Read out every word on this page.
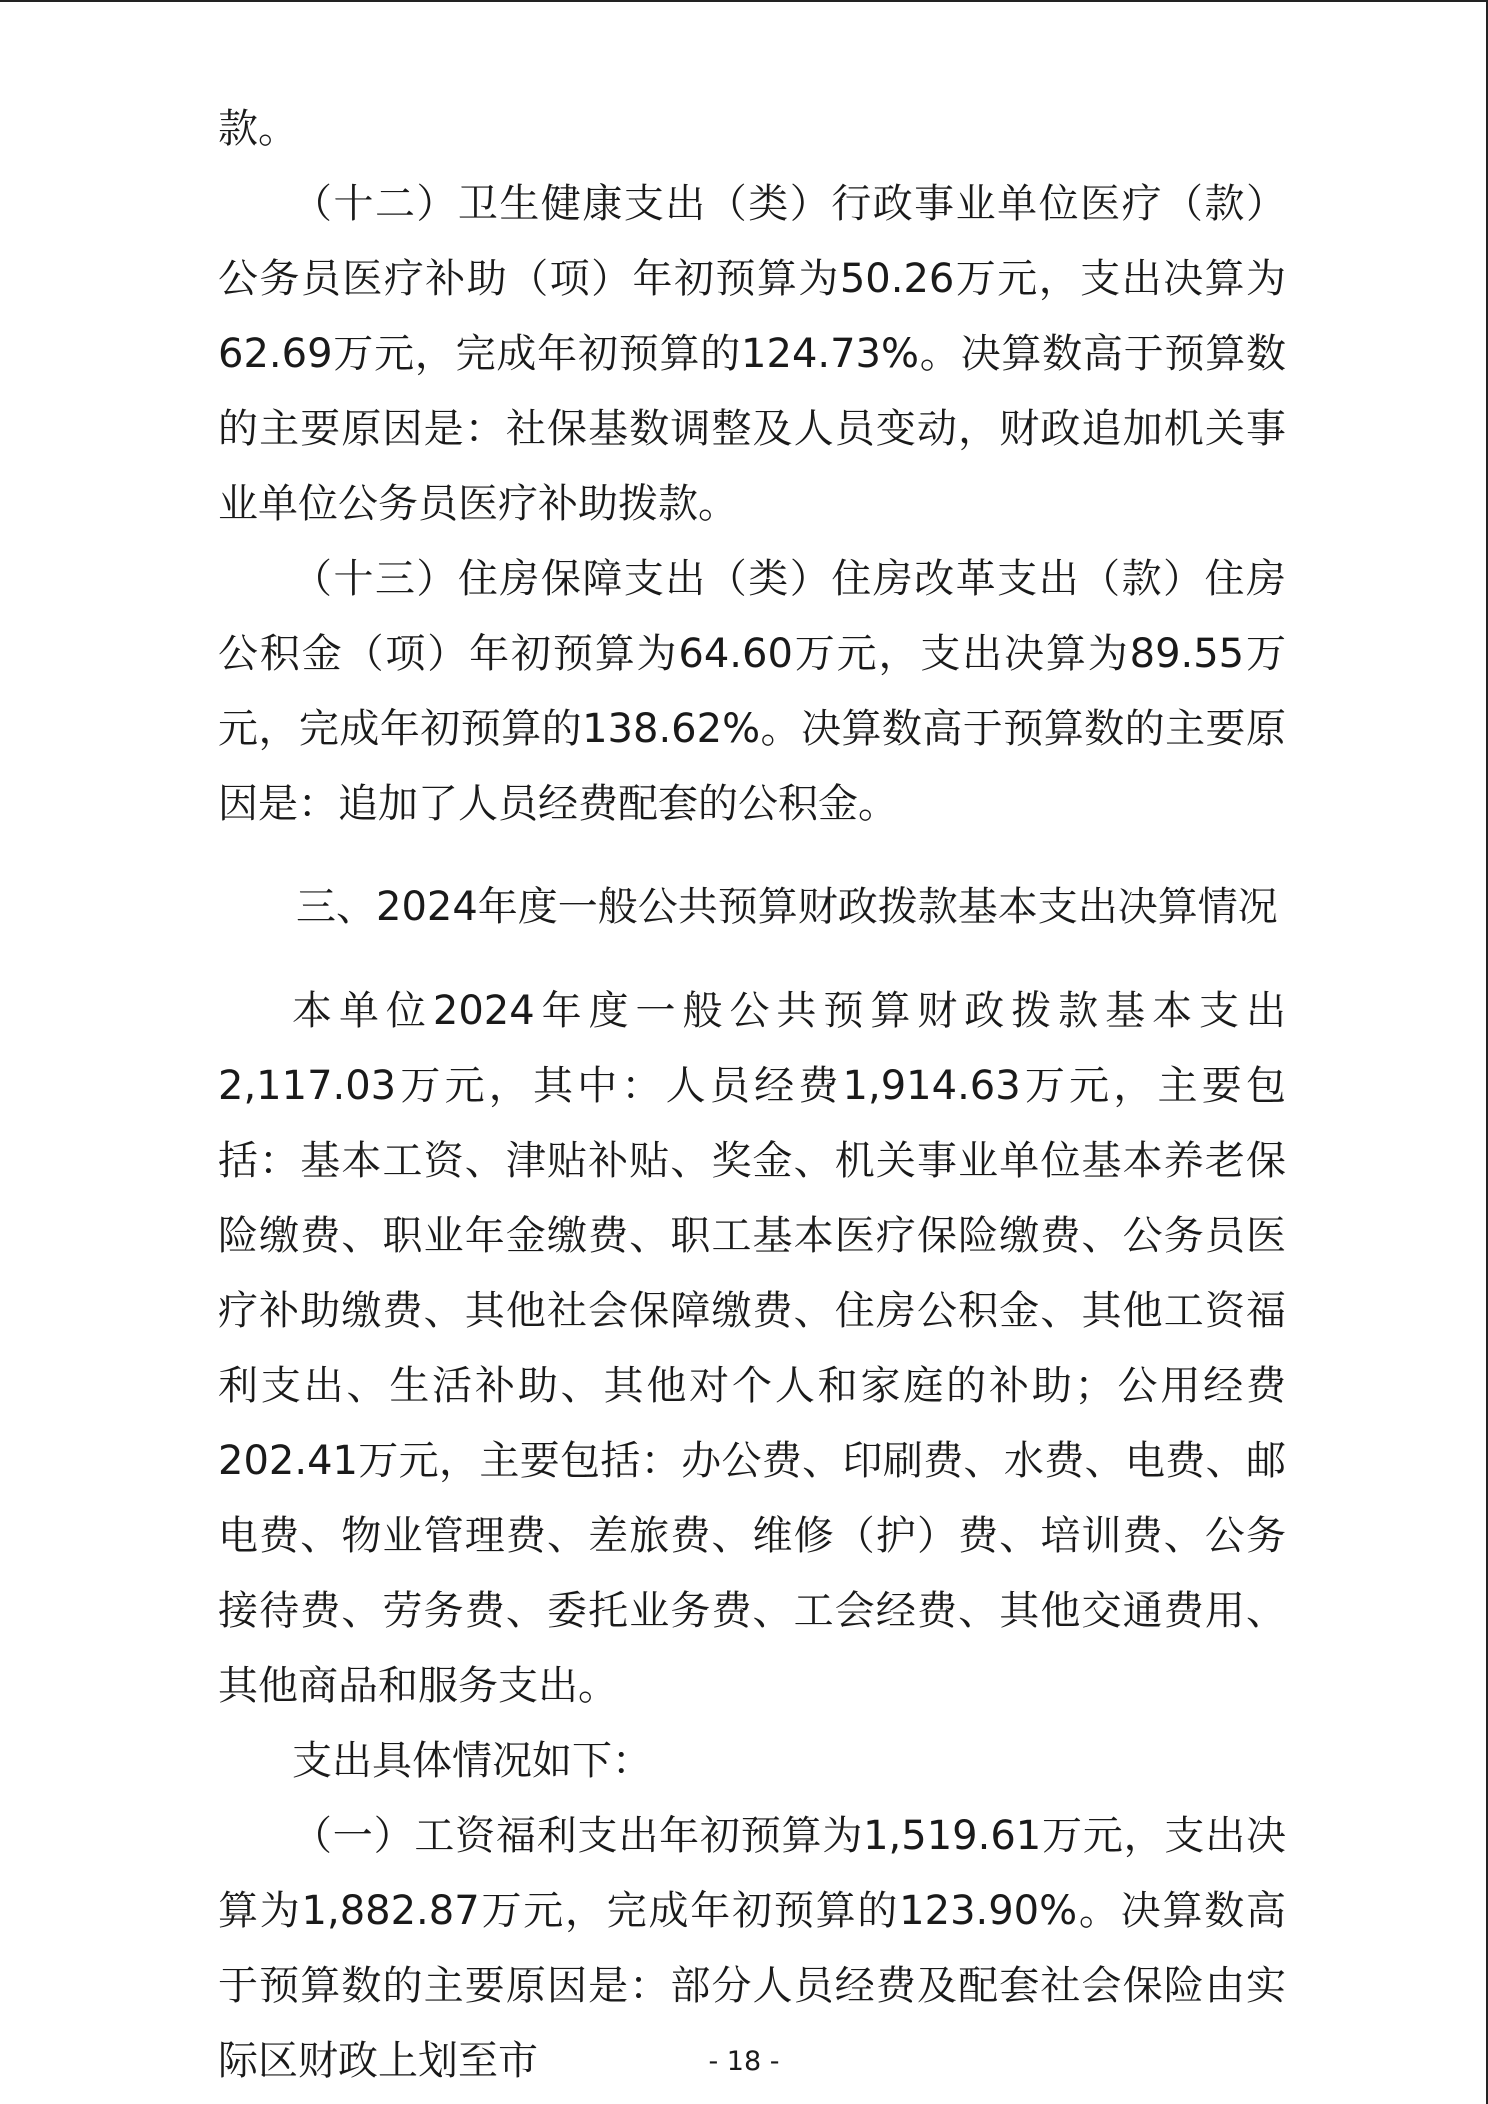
款。

（十二）卫生健康支出（类）行政事业单位医疗（款）公务员医疗补助（项）年初预算为50.26万元，支出决算为62.69万元，完成年初预算的124.73%。决算数高于预算数的主要原因是：社保基数调整及人员变动，财政追加机关事业单位公务员医疗补助拨款。

（十三）住房保障支出（类）住房改革支出（款）住房公积金（项）年初预算为64.60万元，支出决算为89.55万元，完成年初预算的138.62%。决算数高于预算数的主要原因是：追加了人员经费配套的公积金。

三、2024年度一般公共预算财政拨款基本支出决算情况

本单位2024年度一般公共预算财政拨款基本支出2,117.03万元，其中：人员经费1,914.63万元，主要包括：基本工资、津贴补贴、奖金、机关事业单位基本养老保险缴费、职业年金缴费、职工基本医疗保险缴费、公务员医疗补助缴费、其他社会保障缴费、住房公积金、其他工资福利支出、生活补助、其他对个人和家庭的补助；公用经费202.41万元，主要包括：办公费、印刷费、水费、电费、邮电费、物业管理费、差旅费、维修（护）费、培训费、公务接待费、劳务费、委托业务费、工会经费、其他交通费用、其他商品和服务支出。

支出具体情况如下：

（一）工资福利支出年初预算为1,519.61万元，支出决算为1,882.87万元，完成年初预算的123.90%。决算数高于预算数的主要原因是：部分人员经费及配套社会保险由实际区财政上划至市	- 18 -
